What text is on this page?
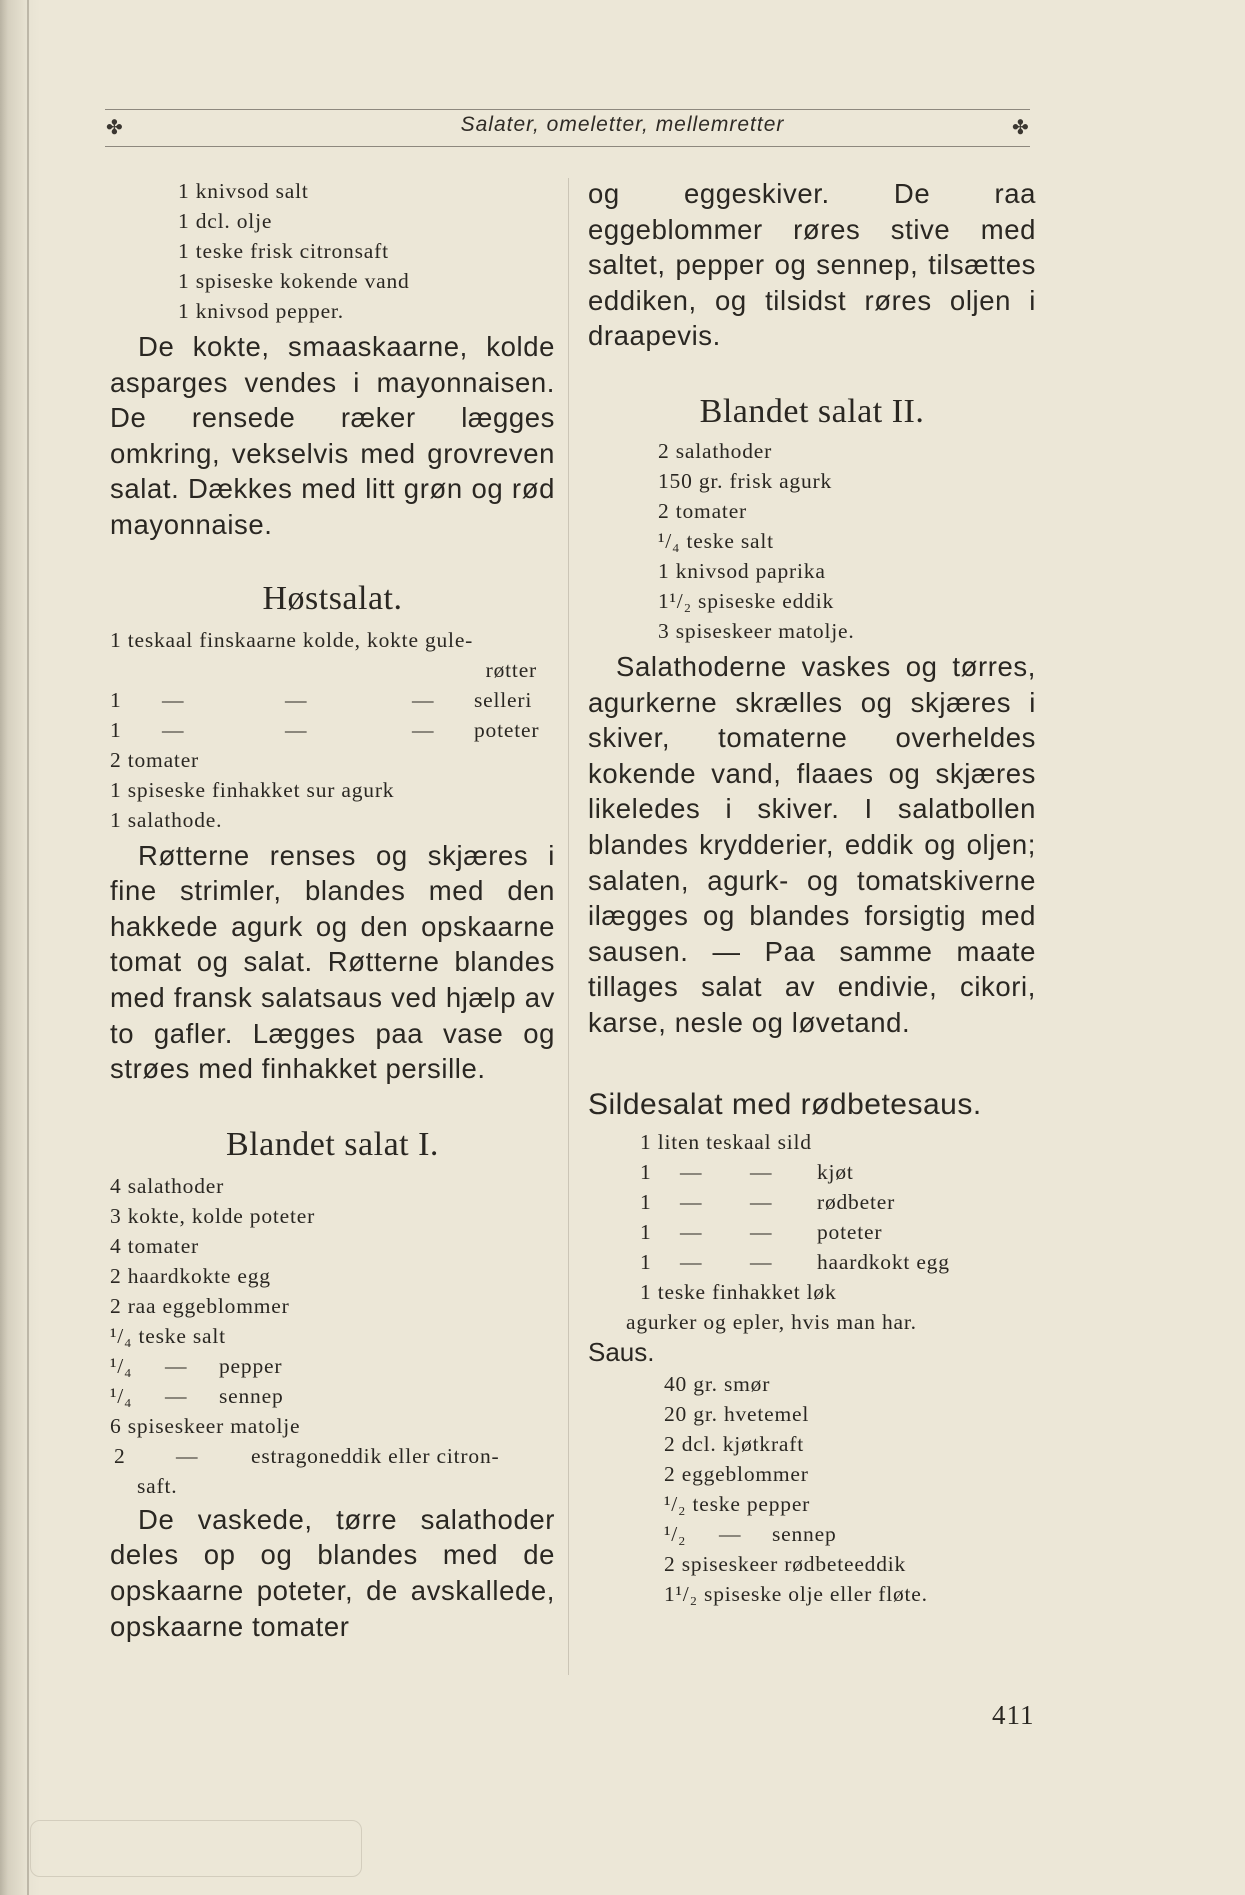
✤	Salater, omeletter, mellemretter	✤
1 knivsod salt
1 dcl. olje
1 teske frisk citronsaft
1 spiseske kokende vand
1 knivsod pepper.
De kokte, smaaskaarne, kolde asparges vendes i mayonnaisen. De rensede ræker lægges omkring, vekselvis med grovreven salat. Dækkes med litt grøn og rød mayonnaise.
Høstsalat.
1 teskaal finskaarne kolde, kokte gule-
røtter
1 —	—	— selleri
1 —	—	— poteter
2 tomater
1 spiseske finhakket sur agurk
1 salathode.
Røtterne renses og skjæres i fine strimler, blandes med den hakkede agurk og den opskaarne tomat og salat. Røtterne blandes med fransk salatsaus ved hjælp av to gafler. Lægges paa vase og strøes med finhakket persille.
Blandet salat I.
4 salathoder
3 kokte, kolde poteter
4 tomater
2 haardkokte egg
2 raa eggeblommer
¹/₄ teske salt
¹/₄ — pepper
¹/₄ — sennep
6 spiseskeer matolje
2 — estragoneddik eller citron-
saft.
De vaskede, tørre salathoder deles op og blandes med de opskaarne poteter, de avskallede, opskaarne tomater
og eggeskiver. De raa eggeblommer røres stive med saltet, pepper og sennep, tilsættes eddiken, og tilsidst røres oljen i draapevis.
Blandet salat II.
2 salathoder
150 gr. frisk agurk
2 tomater
¹/₄ teske salt
1 knivsod paprika
1¹/₂ spiseske eddik
3 spiseskeer matolje.
Salathoderne vaskes og tørres, agurkerne skrælles og skjæres i skiver, tomaterne overheldes kokende vand, flaaes og skjæres likeledes i skiver. I salatbollen blandes krydderier, eddik og oljen; salaten, agurk- og tomatskiverne ilægges og blandes forsigtig med sausen. — Paa samme maate tillages salat av endivie, cikori, karse, nesle og løvetand.
Sildesalat med rødbetesaus.
1 liten teskaal sild
1 — — kjøt
1 — — rødbeter
1 — — poteter
1 — — haardkokt egg
1 teske finhakket løk
agurker og epler, hvis man har.
Saus.
40 gr. smør
20 gr. hvetemel
2 dcl. kjøtkraft
2 eggeblommer
¹/₂ teske pepper
¹/₂ — sennep
2 spiseskeer rødbeteeddik
1¹/₂ spiseske olje eller fløte.
411
